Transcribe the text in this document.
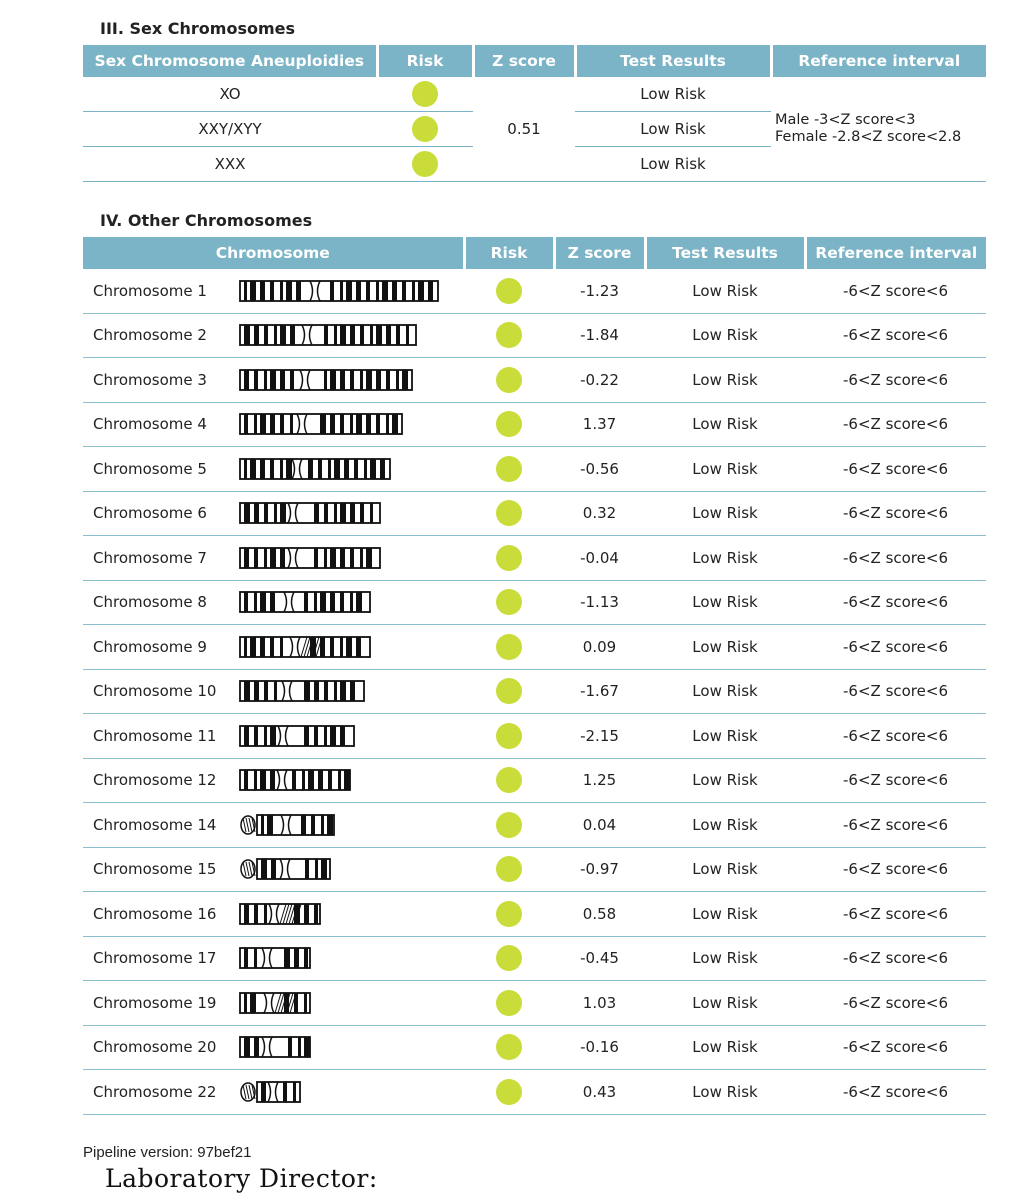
III. Sex Chromosomes
Sex Chromosome Aneuploidies	Risk	Z score	Test Results	Reference interval
XO		0.51	Low Risk	Male -3<Z score<3
Female -2.8<Z score<2.8

XXY/XYY			Low Risk	
XXX			Low Risk	
IV. Other Chromosomes
Chromosome	Risk	Z score	Test Results	Reference interval
Chromosome 1		-1.23	Low Risk	-6<Z score<6
Chromosome 2		-1.84	Low Risk	-6<Z score<6
Chromosome 3		-0.22	Low Risk	-6<Z score<6
Chromosome 4		1.37	Low Risk	-6<Z score<6
Chromosome 5		-0.56	Low Risk	-6<Z score<6
Chromosome 6		0.32	Low Risk	-6<Z score<6
Chromosome 7		-0.04	Low Risk	-6<Z score<6
Chromosome 8		-1.13	Low Risk	-6<Z score<6
Chromosome 9		0.09	Low Risk	-6<Z score<6
Chromosome 10		-1.67	Low Risk	-6<Z score<6
Chromosome 11		-2.15	Low Risk	-6<Z score<6
Chromosome 12		1.25	Low Risk	-6<Z score<6
Chromosome 14		0.04	Low Risk	-6<Z score<6
Chromosome 15		-0.97	Low Risk	-6<Z score<6
Chromosome 16		0.58	Low Risk	-6<Z score<6
Chromosome 17		-0.45	Low Risk	-6<Z score<6
Chromosome 19		1.03	Low Risk	-6<Z score<6
Chromosome 20		-0.16	Low Risk	-6<Z score<6
Chromosome 22		0.43	Low Risk	-6<Z score<6
Pipeline version: 97bef21
Laboratory Director:
